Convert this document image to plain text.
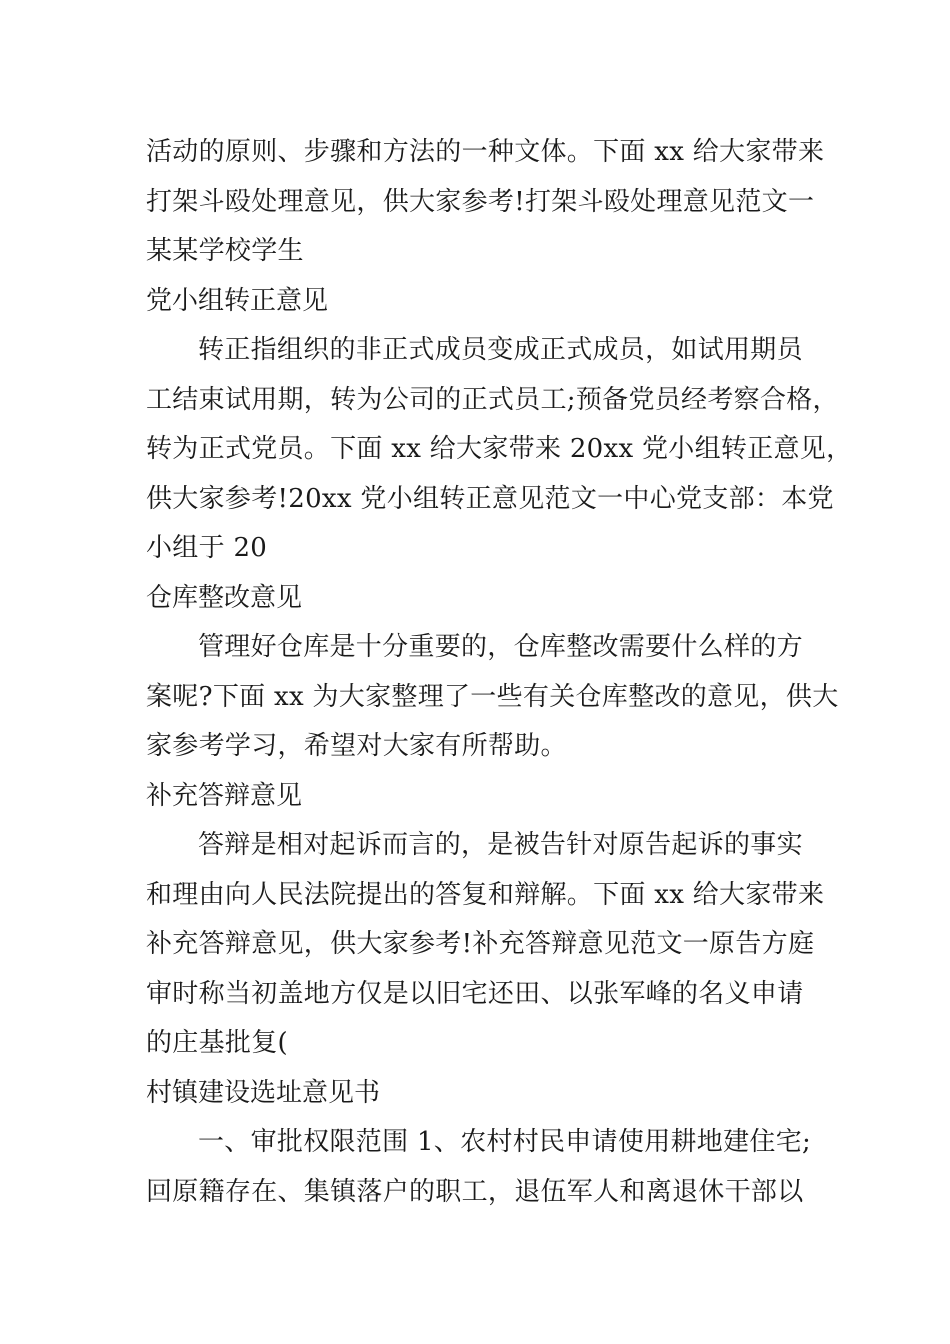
活动的原则、步骤和方法的一种文体。下面 xx 给大家带来
打架斗殴处理意见，供大家参考!打架斗殴处理意见范文一
某某学校学生
党小组转正意见
转正指组织的非正式成员变成正式成员，如试用期员
工结束试用期，转为公司的正式员工;预备党员经考察合格，
转为正式党员。下面 xx 给大家带来 20xx 党小组转正意见，
供大家参考!20xx 党小组转正意见范文一中心党支部：本党
小组于 20
仓库整改意见
管理好仓库是十分重要的，仓库整改需要什么样的方
案呢?下面 xx 为大家整理了一些有关仓库整改的意见，供大
家参考学习，希望对大家有所帮助。
补充答辩意见
答辩是相对起诉而言的，是被告针对原告起诉的事实
和理由向人民法院提出的答复和辩解。下面 xx 给大家带来
补充答辩意见，供大家参考!补充答辩意见范文一原告方庭
审时称当初盖地方仅是以旧宅还田、以张军峰的名义申请
的庄基批复(
村镇建设选址意见书
一、审批权限范围 1、农村村民申请使用耕地建住宅;
回原籍存在、集镇落户的职工，退伍军人和离退休干部以
